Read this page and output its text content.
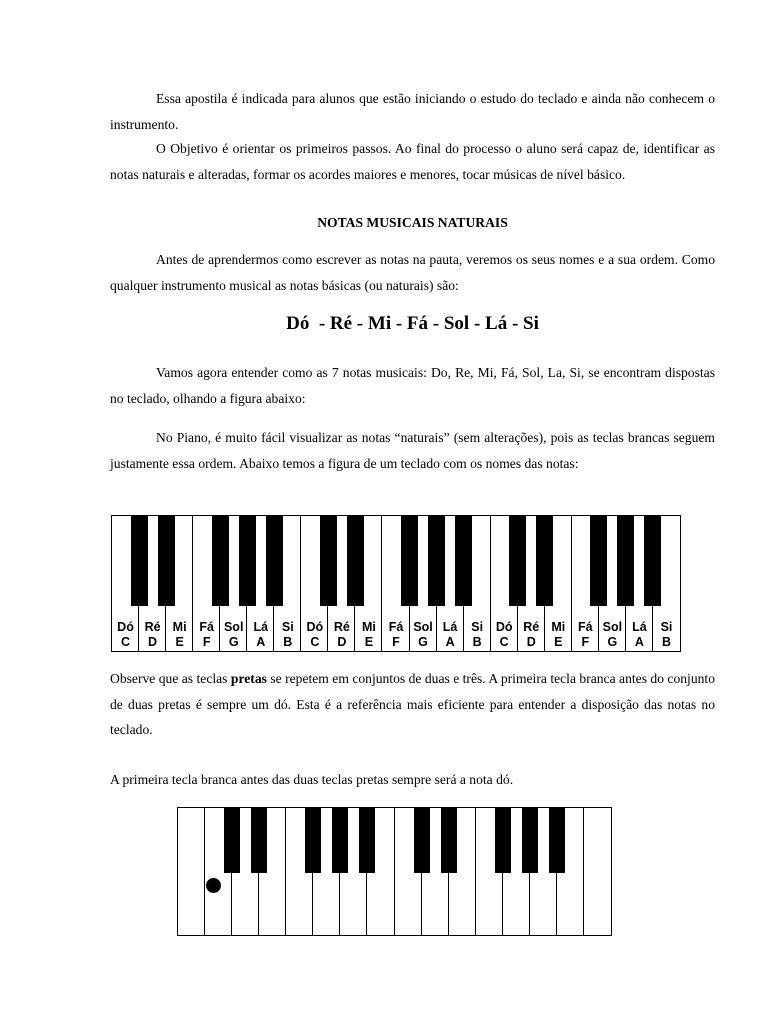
Essa apostila é indicada para alunos que estão iniciando o estudo do teclado e ainda não conhecem o instrumento.

O Objetivo é orientar os primeiros passos. Ao final do processo o aluno será capaz de, identificar as notas naturais e alteradas, formar os acordes maiores e menores, tocar músicas de nível básico.

NOTAS MUSICAIS NATURAIS

Antes de aprendermos como escrever as notas na pauta, veremos os seus nomes e a sua ordem. Como qualquer instrumento musical as notas básicas (ou naturais) são:

Dó  - Ré - Mi - Fá - Sol - Lá - Si

Vamos agora entender como as 7 notas musicais: Do, Re, Mi, Fá, Sol, La, Si, se encontram dispostas no teclado, olhando a figura abaixo:

No Piano, é muito fácil visualizar as notas “naturais” (sem alterações), pois as teclas brancas seguem justamente essa ordem. Abaixo temos a figura de um teclado com os nomes das notas:

Dó
C
Ré
D
Mi
E
Fá
F
Sol
G
Lá
A
Si
B
Dó
C
Ré
D
Mi
E
Fá
F
Sol
G
Lá
A
Si
B
Dó
C
Ré
D
Mi
E
Fá
F
Sol
G
Lá
A
Si
B

Observe que as teclas pretas se repetem em conjuntos de duas e três. A primeira tecla branca antes do conjunto de duas pretas é sempre um dó. Esta é a referência mais eficiente para entender a disposição das notas no teclado.

A primeira tecla branca antes das duas teclas pretas sempre será a nota dó.
